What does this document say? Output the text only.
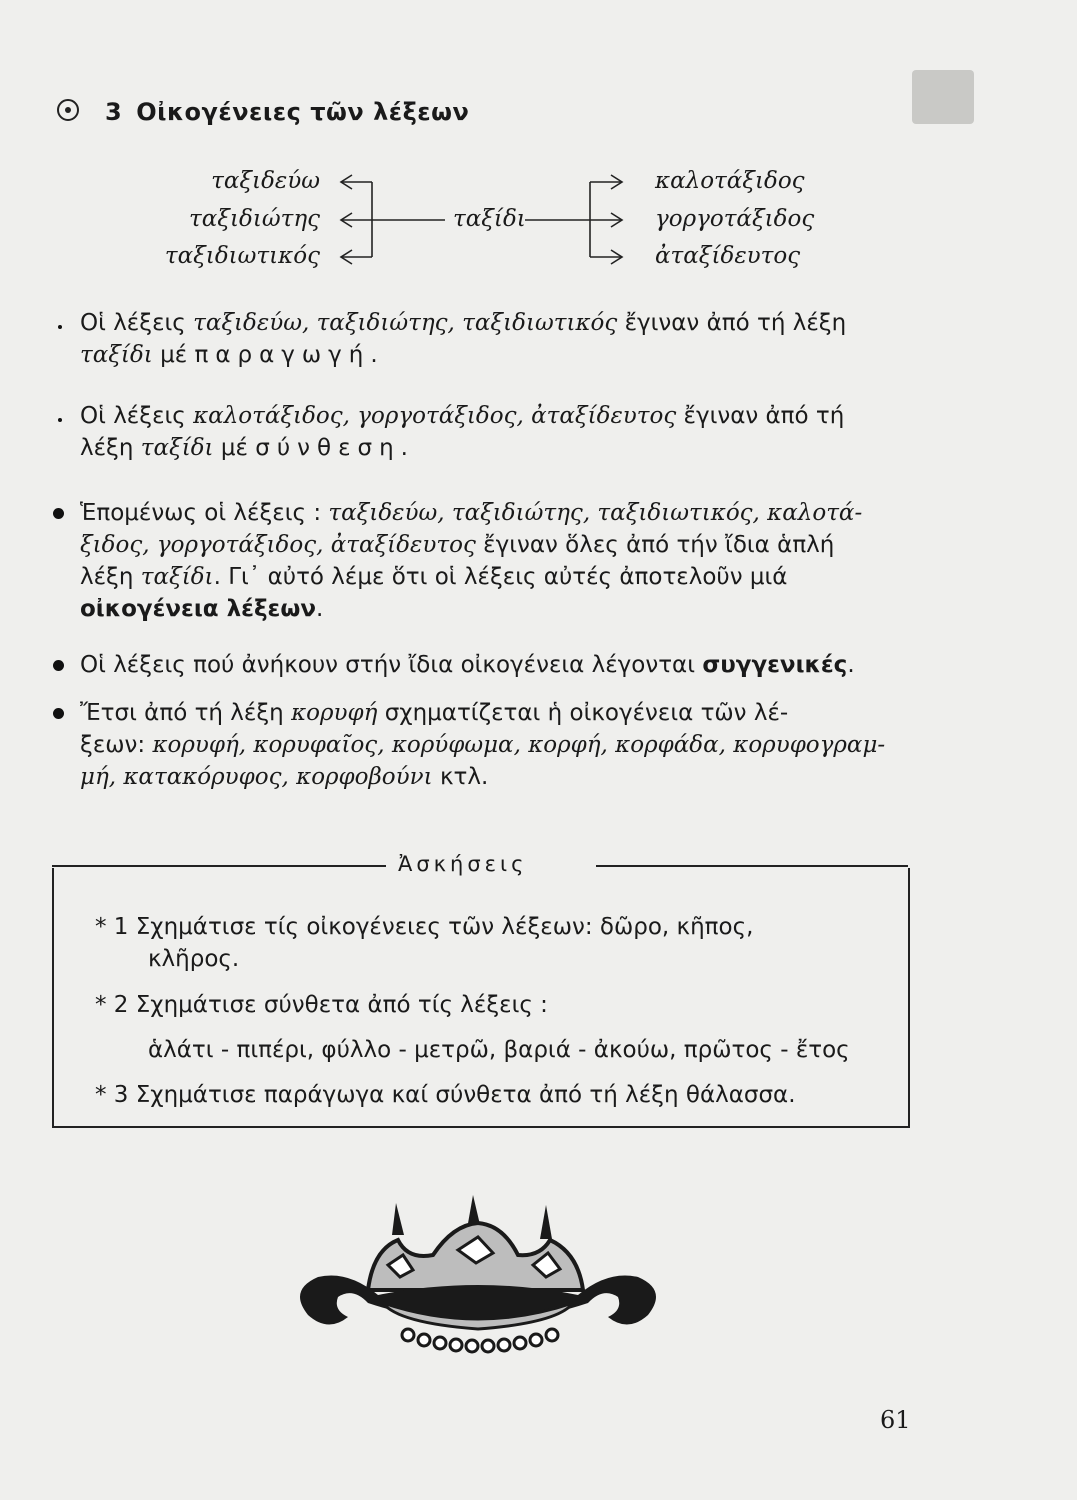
3 Οἰκογένειες τῶν λέξεων
ταξιδεύω
ταξιδιώτης
ταξιδιωτικός
ταξίδι
καλοτάξιδος
γοργοτάξιδος
ἀταξίδευτος
Οἱ λέξεις ταξιδεύω, ταξιδιώτης, ταξιδιωτικός ἔγιναν ἀπό τή λέξη
ταξίδι μέ παραγωγή.
Οἱ λέξεις καλοτάξιδος, γοργοτάξιδος, ἀταξίδευτος ἔγιναν ἀπό τή
λέξη ταξίδι μέ σύνθεση.
Ἑπομένως οἱ λέξεις : ταξιδεύω, ταξιδιώτης, ταξιδιωτικός, καλοτά-
ξιδος, γοργοτάξιδος, ἀταξίδευτος ἔγιναν ὅλες ἀπό τήν ἴδια ἁπλή
λέξη ταξίδι. Γι᾽ αὐτό λέμε ὅτι οἱ λέξεις αὐτές ἀποτελοῦν μιά
οἰκογένεια λέξεων.
Οἱ λέξεις πού ἀνήκουν στήν ἴδια οἰκογένεια λέγονται συγγενικές.
Ἔτσι ἀπό τή λέξη κορυφή σχηματίζεται ἡ οἰκογένεια τῶν λέ-
ξεων: κορυφή, κορυφαῖος, κορύφωμα, κορφή, κορφάδα, κορυφογραμ-
μή, κατακόρυφος, κορφοβούνι κτλ.
Ἀσκήσεις
* 1 Σχημάτισε τίς οἰκογένειες τῶν λέξεων: δῶρο, κῆπος,
κλῆρος.
* 2 Σχημάτισε σύνθετα ἀπό τίς λέξεις :
ἁλάτι - πιπέρι, φύλλο - μετρῶ, βαριά - ἀκούω, πρῶτος - ἔτος
* 3 Σχημάτισε παράγωγα καί σύνθετα ἀπό τή λέξη θάλασσα.
61
